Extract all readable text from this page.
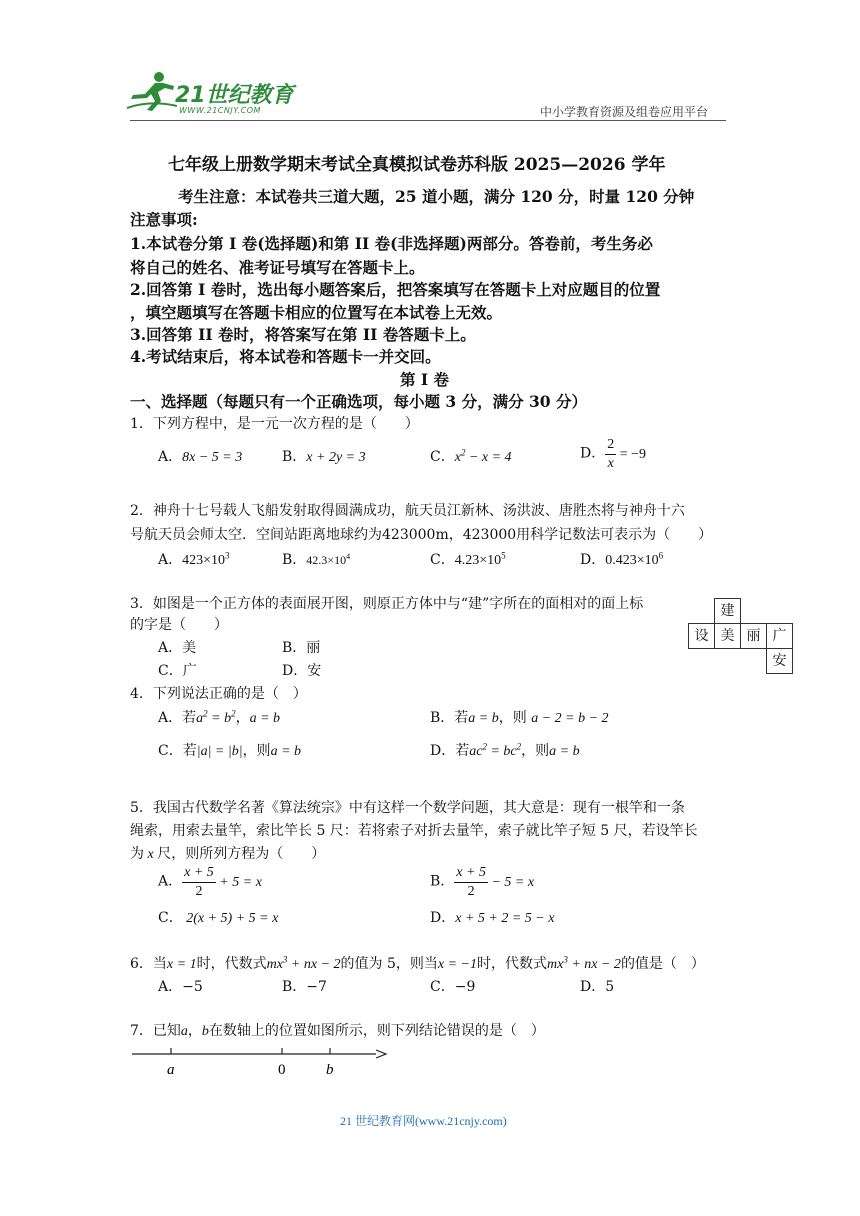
21世纪教育
WWW.21CNJY.COM	中小学教育资源及组卷应用平台
七年级上册数学期末考试全真模拟试卷苏科版 2025—2026 学年
考生注意：本试卷共三道大题，25 道小题，满分 120 分，时量 120 分钟
注意事项:
1.本试卷分第 I 卷(选择题)和第 II 卷(非选择题)两部分。答卷前，考生务必
将自己的姓名、准考证号填写在答题卡上。
2.回答第 I 卷时，选出每小题答案后，把答案填写在答题卡上对应题目的位置
，填空题填写在答题卡相应的位置写在本试卷上无效。
3.回答第 II 卷时，将答案写在第 II 卷答题卡上。
4.考试结束后，将本试卷和答题卡一并交回。
第 I 卷
一、选择题（每题只有一个正确选项，每小题 3 分，满分 30 分）
1．下列方程中，是一元一次方程的是（　　）
A．8x − 5 = 3	B．x + 2y = 3	C．$x^2 - x = 4$	D． $\frac{2}{x} = -9$
2．神舟十七号载人飞船发射取得圆满成功，航天员江新林、汤洪波、唐胜杰将与神舟十六
号航天员会师太空．空间站距离地球约为423000m，423000用科学记数法可表示为（　　）
A．$423\times 10^3$	B．$42.3\times 10^4$	C．$4.23\times 10^5$	D．$0.423\times 10^6$
3．如图是一个正方体的表面展开图，则原正方体中与“建”字所在的面相对的面上标
的字是（　　）
A．美	B．丽
C．广	D．安
建
设 美 丽 广
安
4．下列说法正确的是（　）
A．若$a^2 = b^2$，a = b	B．若a = b，则 a − 2 = b − 2
C．若|a| = |b|，则a = b	D．若$ac^2 = bc^2$，则a = b
5．我国古代数学名著《算法统宗》中有这样一个数学问题，其大意是：现有一根竿和一条
绳索，用索去量竿，索比竿长 5 尺：若将索子对折去量竿，索子就比竿子短 5 尺，若设竿长
为 x 尺，则所列方程为（　　）
A． $\frac{x + 5}{2} + 5 = x$	B． $\frac{x + 5}{2} - 5 = x$
C． 2(x + 5) + 5 = x	D．x + 5 + 2 = 5 − x
6．当x = 1时，代数式$mx^3$ + nx − 2的值为 5，则当x = −1时，代数式$mx^3$ + nx − 2的值是（　）
A．−5	B．−7	C．−9	D．5
7．已知a，b在数轴上的位置如图所示，则下列结论错误的是（　）
a	0	b
21 世纪教育网(www.21cnjy.com)
